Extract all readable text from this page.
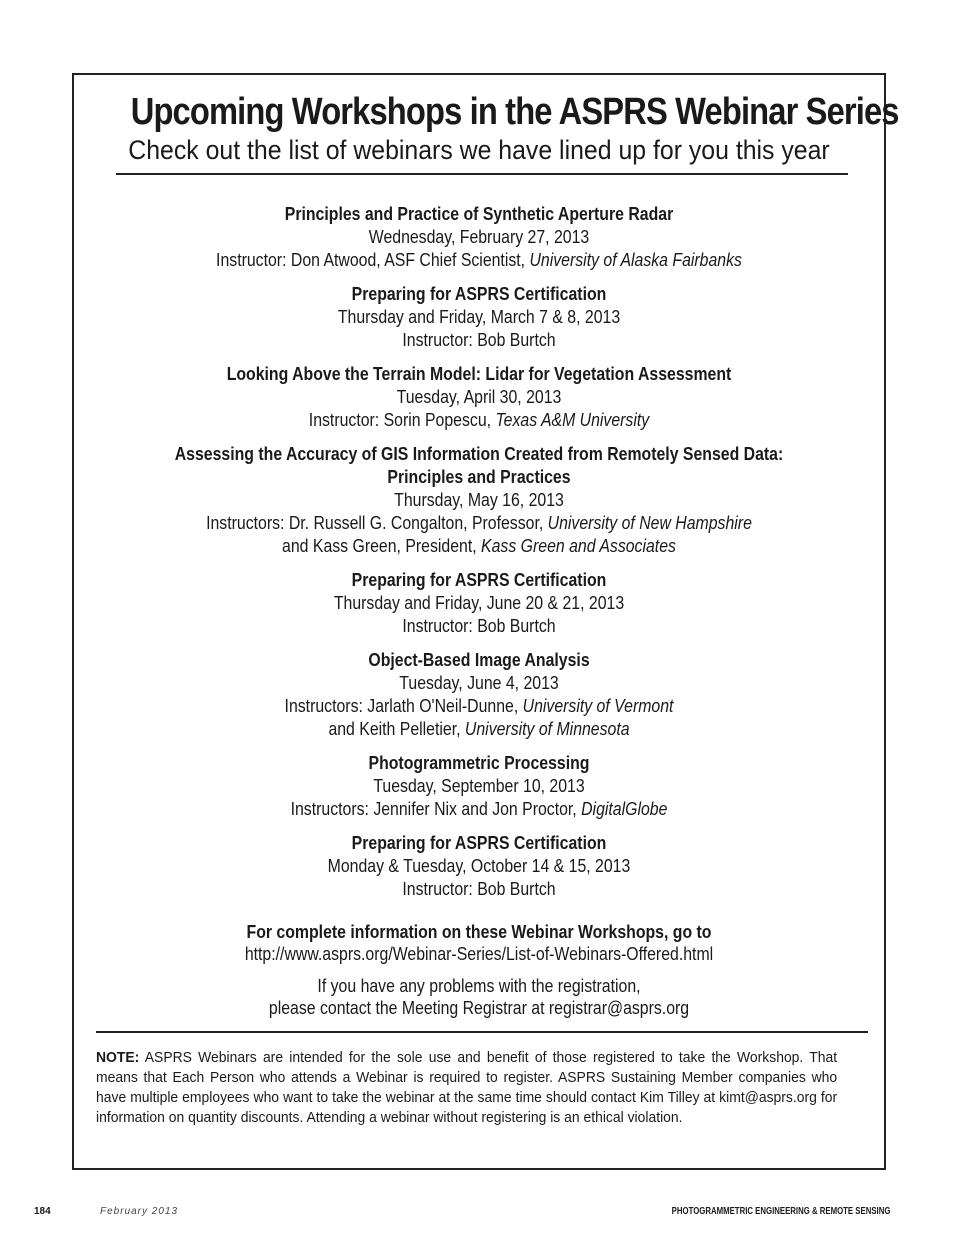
Upcoming Workshops in the ASPRS Webinar Series
Check out the list of webinars we have lined up for you this year
Principles and Practice of Synthetic Aperture Radar
Wednesday, February 27, 2013
Instructor: Don Atwood, ASF Chief Scientist, University of Alaska Fairbanks
Preparing for ASPRS Certification
Thursday and Friday, March 7 & 8, 2013
Instructor: Bob Burtch
Looking Above the Terrain Model: Lidar for Vegetation Assessment
Tuesday, April 30, 2013
Instructor: Sorin Popescu, Texas A&M University
Assessing the Accuracy of GIS Information Created from Remotely Sensed Data:
Principles and Practices
Thursday, May 16, 2013
Instructors: Dr. Russell G. Congalton, Professor, University of New Hampshire
and Kass Green, President, Kass Green and Associates
Preparing for ASPRS Certification
Thursday and Friday, June 20 & 21, 2013
Instructor: Bob Burtch
Object-Based Image Analysis
Tuesday, June 4, 2013
Instructors: Jarlath O'Neil-Dunne, University of Vermont
and Keith Pelletier, University of Minnesota
Photogrammetric Processing
Tuesday, September 10, 2013
Instructors: Jennifer Nix and Jon Proctor, DigitalGlobe
Preparing for ASPRS Certification
Monday & Tuesday, October 14 & 15, 2013
Instructor: Bob Burtch
For complete information on these Webinar Workshops, go to
http://www.asprs.org/Webinar-Series/List-of-Webinars-Offered.html
If you have any problems with the registration,
please contact the Meeting Registrar at registrar@asprs.org
NOTE: ASPRS Webinars are intended for the sole use and benefit of those registered to take the Workshop. That means that Each Person who attends a Webinar is required to register. ASPRS Sustaining Member companies who have multiple employees who want to take the webinar at the same time should contact Kim Tilley at kimt@asprs.org for information on quantity discounts. Attending a webinar without registering is an ethical violation.
184	February 2013	PHOTOGRAMMETRIC ENGINEERING & REMOTE SENSING
